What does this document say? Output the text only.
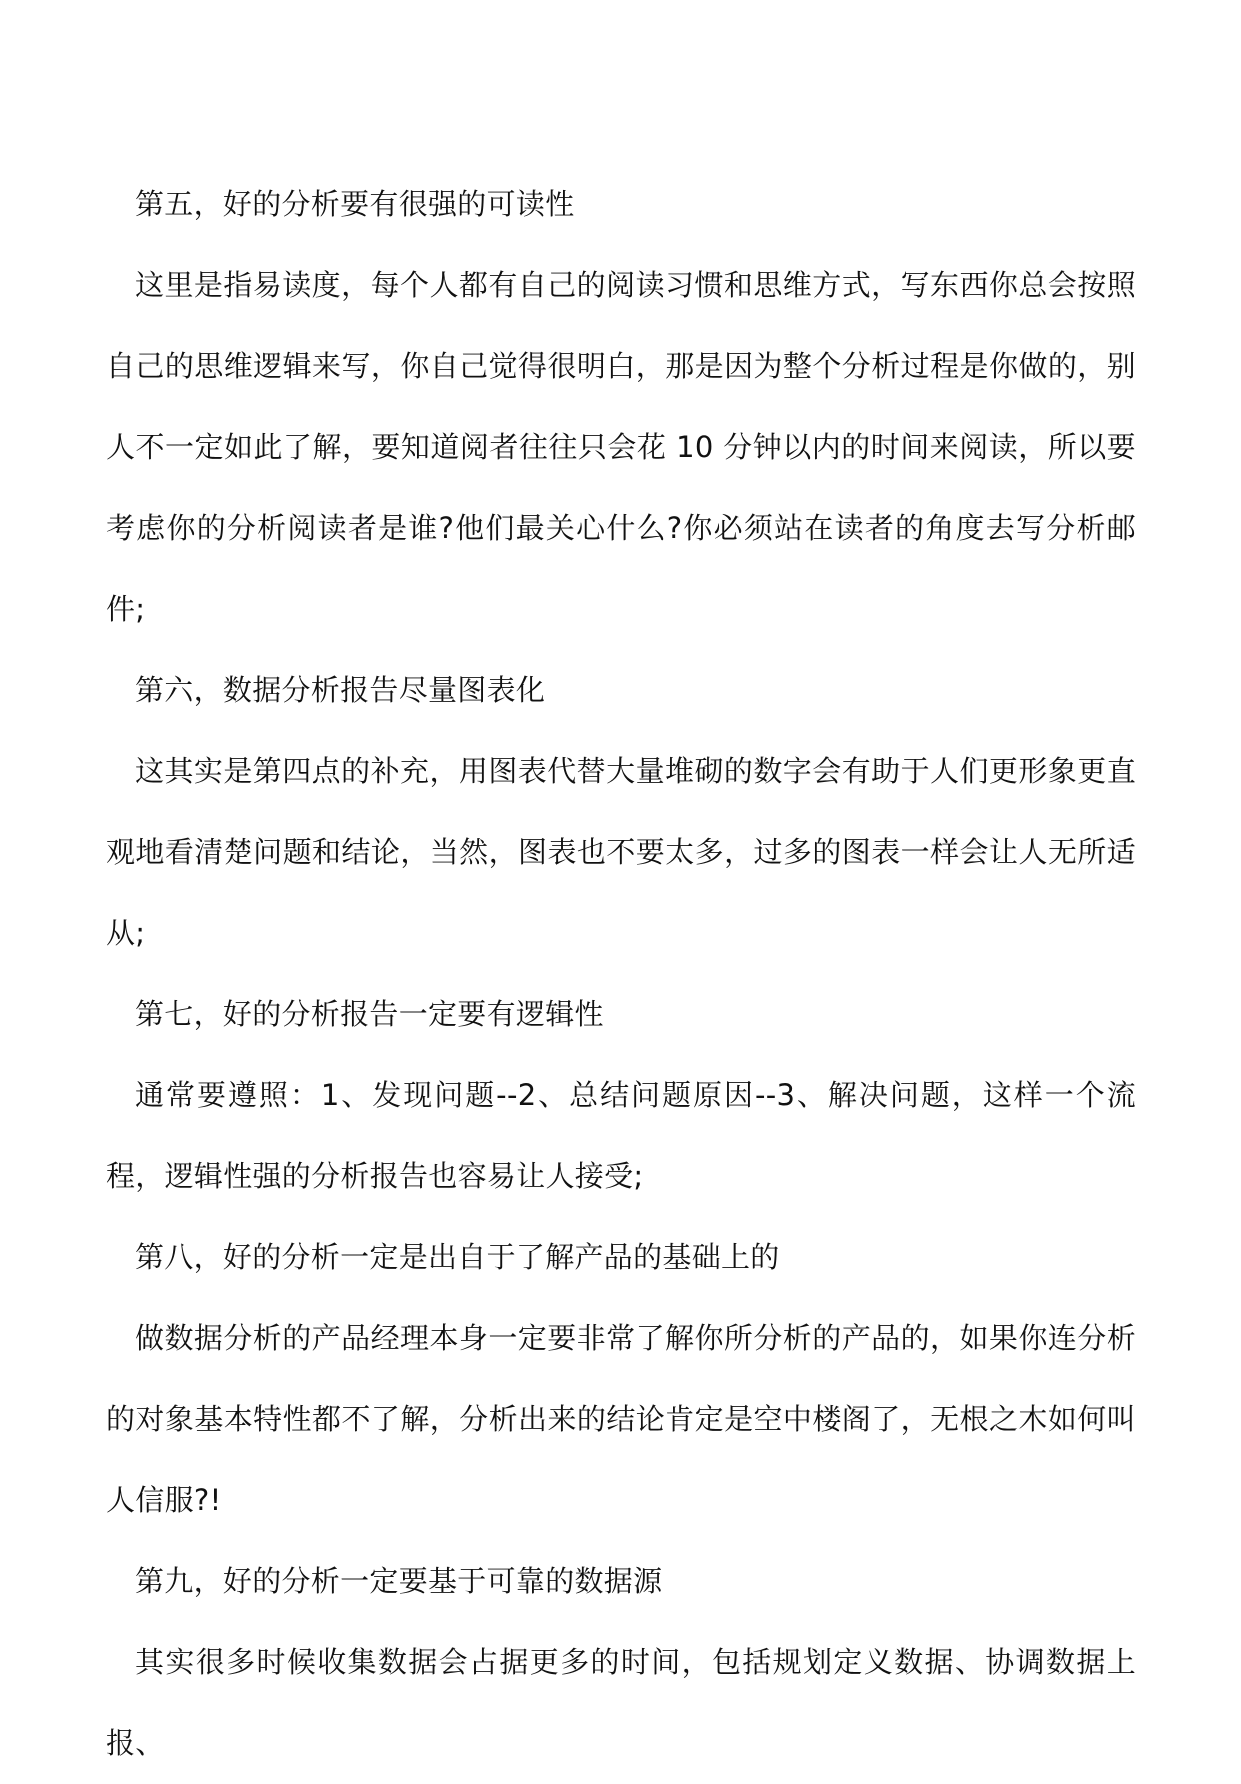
第五，好的分析要有很强的可读性

这里是指易读度，每个人都有自己的阅读习惯和思维方式，写东西你总会按照自己的思维逻辑来写，你自己觉得很明白，那是因为整个分析过程是你做的，别人不一定如此了解，要知道阅者往往只会花 10 分钟以内的时间来阅读，所以要考虑你的分析阅读者是谁?他们最关心什么?你必须站在读者的角度去写分析邮件;

第六，数据分析报告尽量图表化

这其实是第四点的补充，用图表代替大量堆砌的数字会有助于人们更形象更直观地看清楚问题和结论，当然，图表也不要太多，过多的图表一样会让人无所适从;

第七，好的分析报告一定要有逻辑性

通常要遵照：1、发现问题--2、总结问题原因--3、解决问题，这样一个流程，逻辑性强的分析报告也容易让人接受;

第八，好的分析一定是出自于了解产品的基础上的

做数据分析的产品经理本身一定要非常了解你所分析的产品的，如果你连分析的对象基本特性都不了解，分析出来的结论肯定是空中楼阁了，无根之木如何叫人信服?!

第九，好的分析一定要基于可靠的数据源

其实很多时候收集数据会占据更多的时间，包括规划定义数据、协调数据上报、
